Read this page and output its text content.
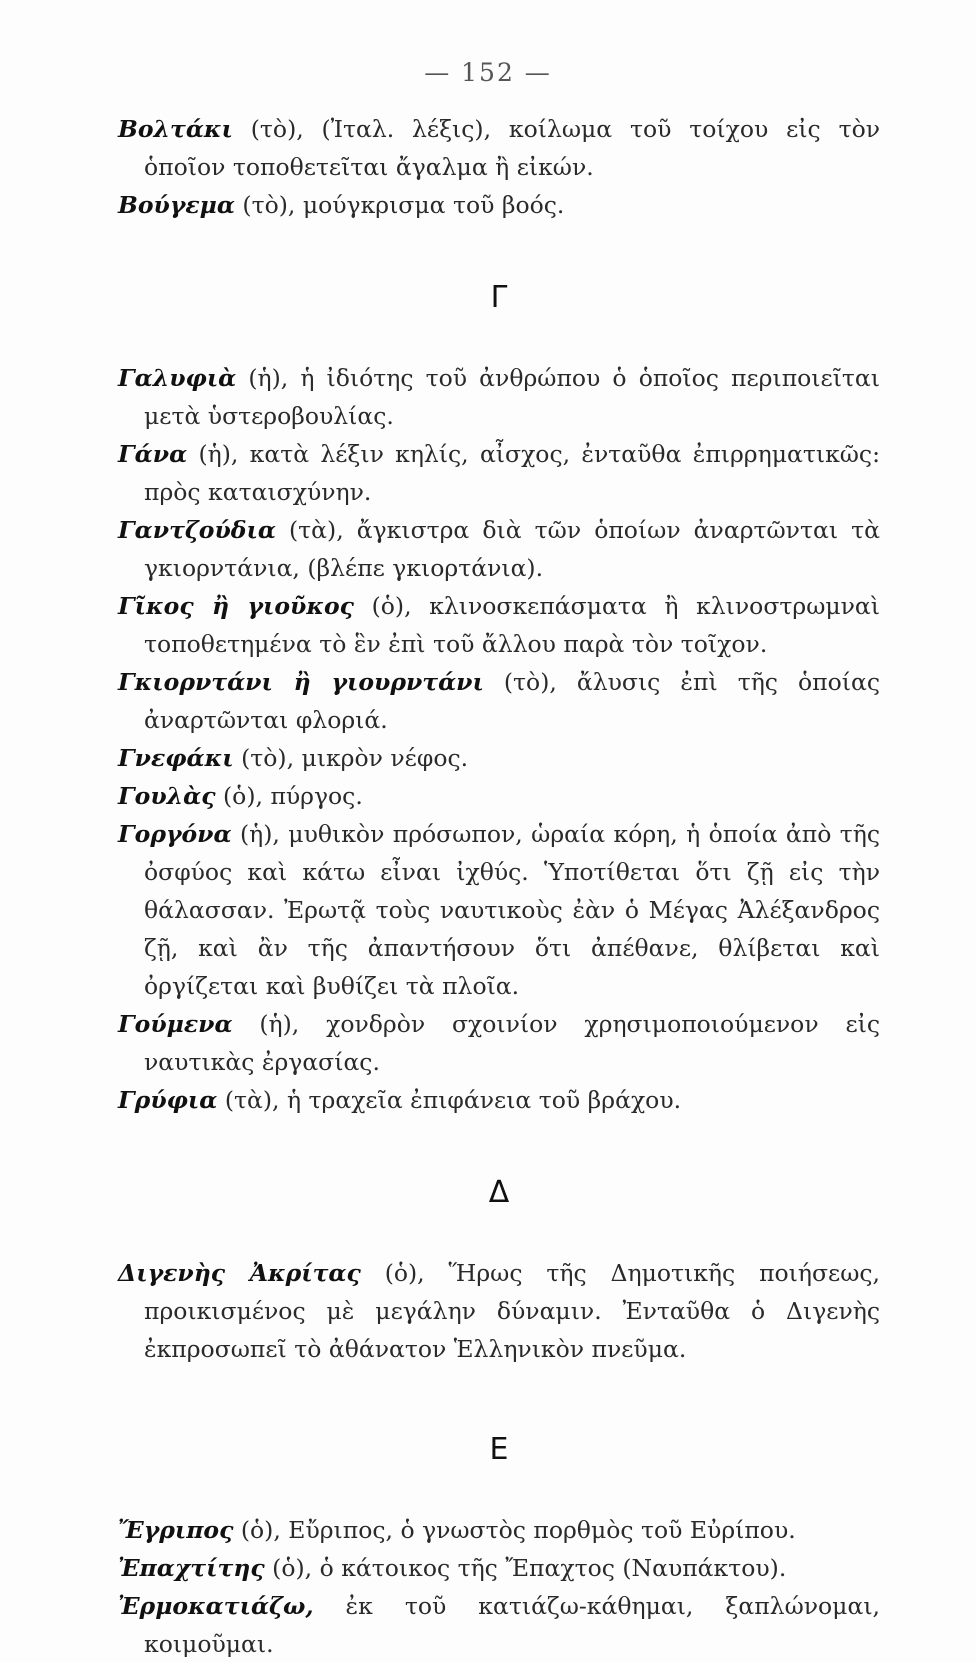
— 152 —

Βολτάκι (τὸ), (Ἰταλ. λέξις), κοίλωμα τοῦ τοίχου εἰς τὸν ὁποῖον τοποθετεῖται ἄγαλμα ἢ εἰκών.

Βούγεμα (τὸ), μούγκρισμα τοῦ βοός.

Γ

Γαλυφιὰ (ἡ), ἡ ἰδιότης τοῦ ἀνθρώπου ὁ ὁποῖος περιποιεῖται μετὰ ὑστεροβουλίας.

Γάνα (ἡ), κατὰ λέξιν κηλίς, αἶσχος, ἐνταῦθα ἐπιρρηματικῶς: πρὸς καταισχύνην.

Γαντζούδια (τὰ), ἄγκιστρα διὰ τῶν ὁποίων ἀναρτῶνται τὰ γκιορντάνια, (βλέπε γκιορτάνια).

Γῖκος ἢ γιοῦκος (ὁ), κλινοσκεπάσματα ἢ κλινοστρωμναὶ τοποθετημένα τὸ ἓν ἐπὶ τοῦ ἄλλου παρὰ τὸν τοῖχον.

Γκιορντάνι ἢ γιουρντάνι (τὸ), ἄλυσις ἐπὶ τῆς ὁποίας ἀναρτῶνται φλοριά.

Γνεφάκι (τὸ), μικρὸν νέφος.

Γουλὰς (ὁ), πύργος.

Γοργόνα (ἡ), μυθικὸν πρόσωπον, ὡραία κόρη, ἡ ὁποία ἀπὸ τῆς ὀσφύος καὶ κάτω εἶναι ἰχθύς. Ὑποτίθεται ὅτι ζῇ εἰς τὴν θάλασσαν. Ἐρωτᾷ τοὺς ναυτικοὺς ἐὰν ὁ Μέγας Ἀλέξανδρος ζῇ, καὶ ἂν τῆς ἀπαντήσουν ὅτι ἀπέθανε, θλίβεται καὶ ὀργίζεται καὶ βυθίζει τὰ πλοῖα.

Γούμενα (ἡ), χονδρὸν σχοινίον χρησιμοποιούμενον εἰς ναυτικὰς ἐργασίας.

Γρύφια (τὰ), ἡ τραχεῖα ἐπιφάνεια τοῦ βράχου.

Δ

Διγενὴς Ἀκρίτας (ὁ), Ἥρως τῆς Δημοτικῆς ποιήσεως, προικισμένος μὲ μεγάλην δύναμιν. Ἐνταῦθα ὁ Διγενὴς ἐκπροσωπεῖ τὸ ἀθάνατον Ἑλληνικὸν πνεῦμα.

Ε

Ἔγριπος (ὁ), Εὔριπος, ὁ γνωστὸς πορθμὸς τοῦ Εὐρίπου.

Ἐπαχτίτης (ὁ), ὁ κάτοικος τῆς Ἔπαχτος (Ναυπάκτου).

Ἐρμοκατιάζω, ἐκ τοῦ κατιάζω-κάθημαι, ξαπλώνομαι, κοιμοῦμαι.
